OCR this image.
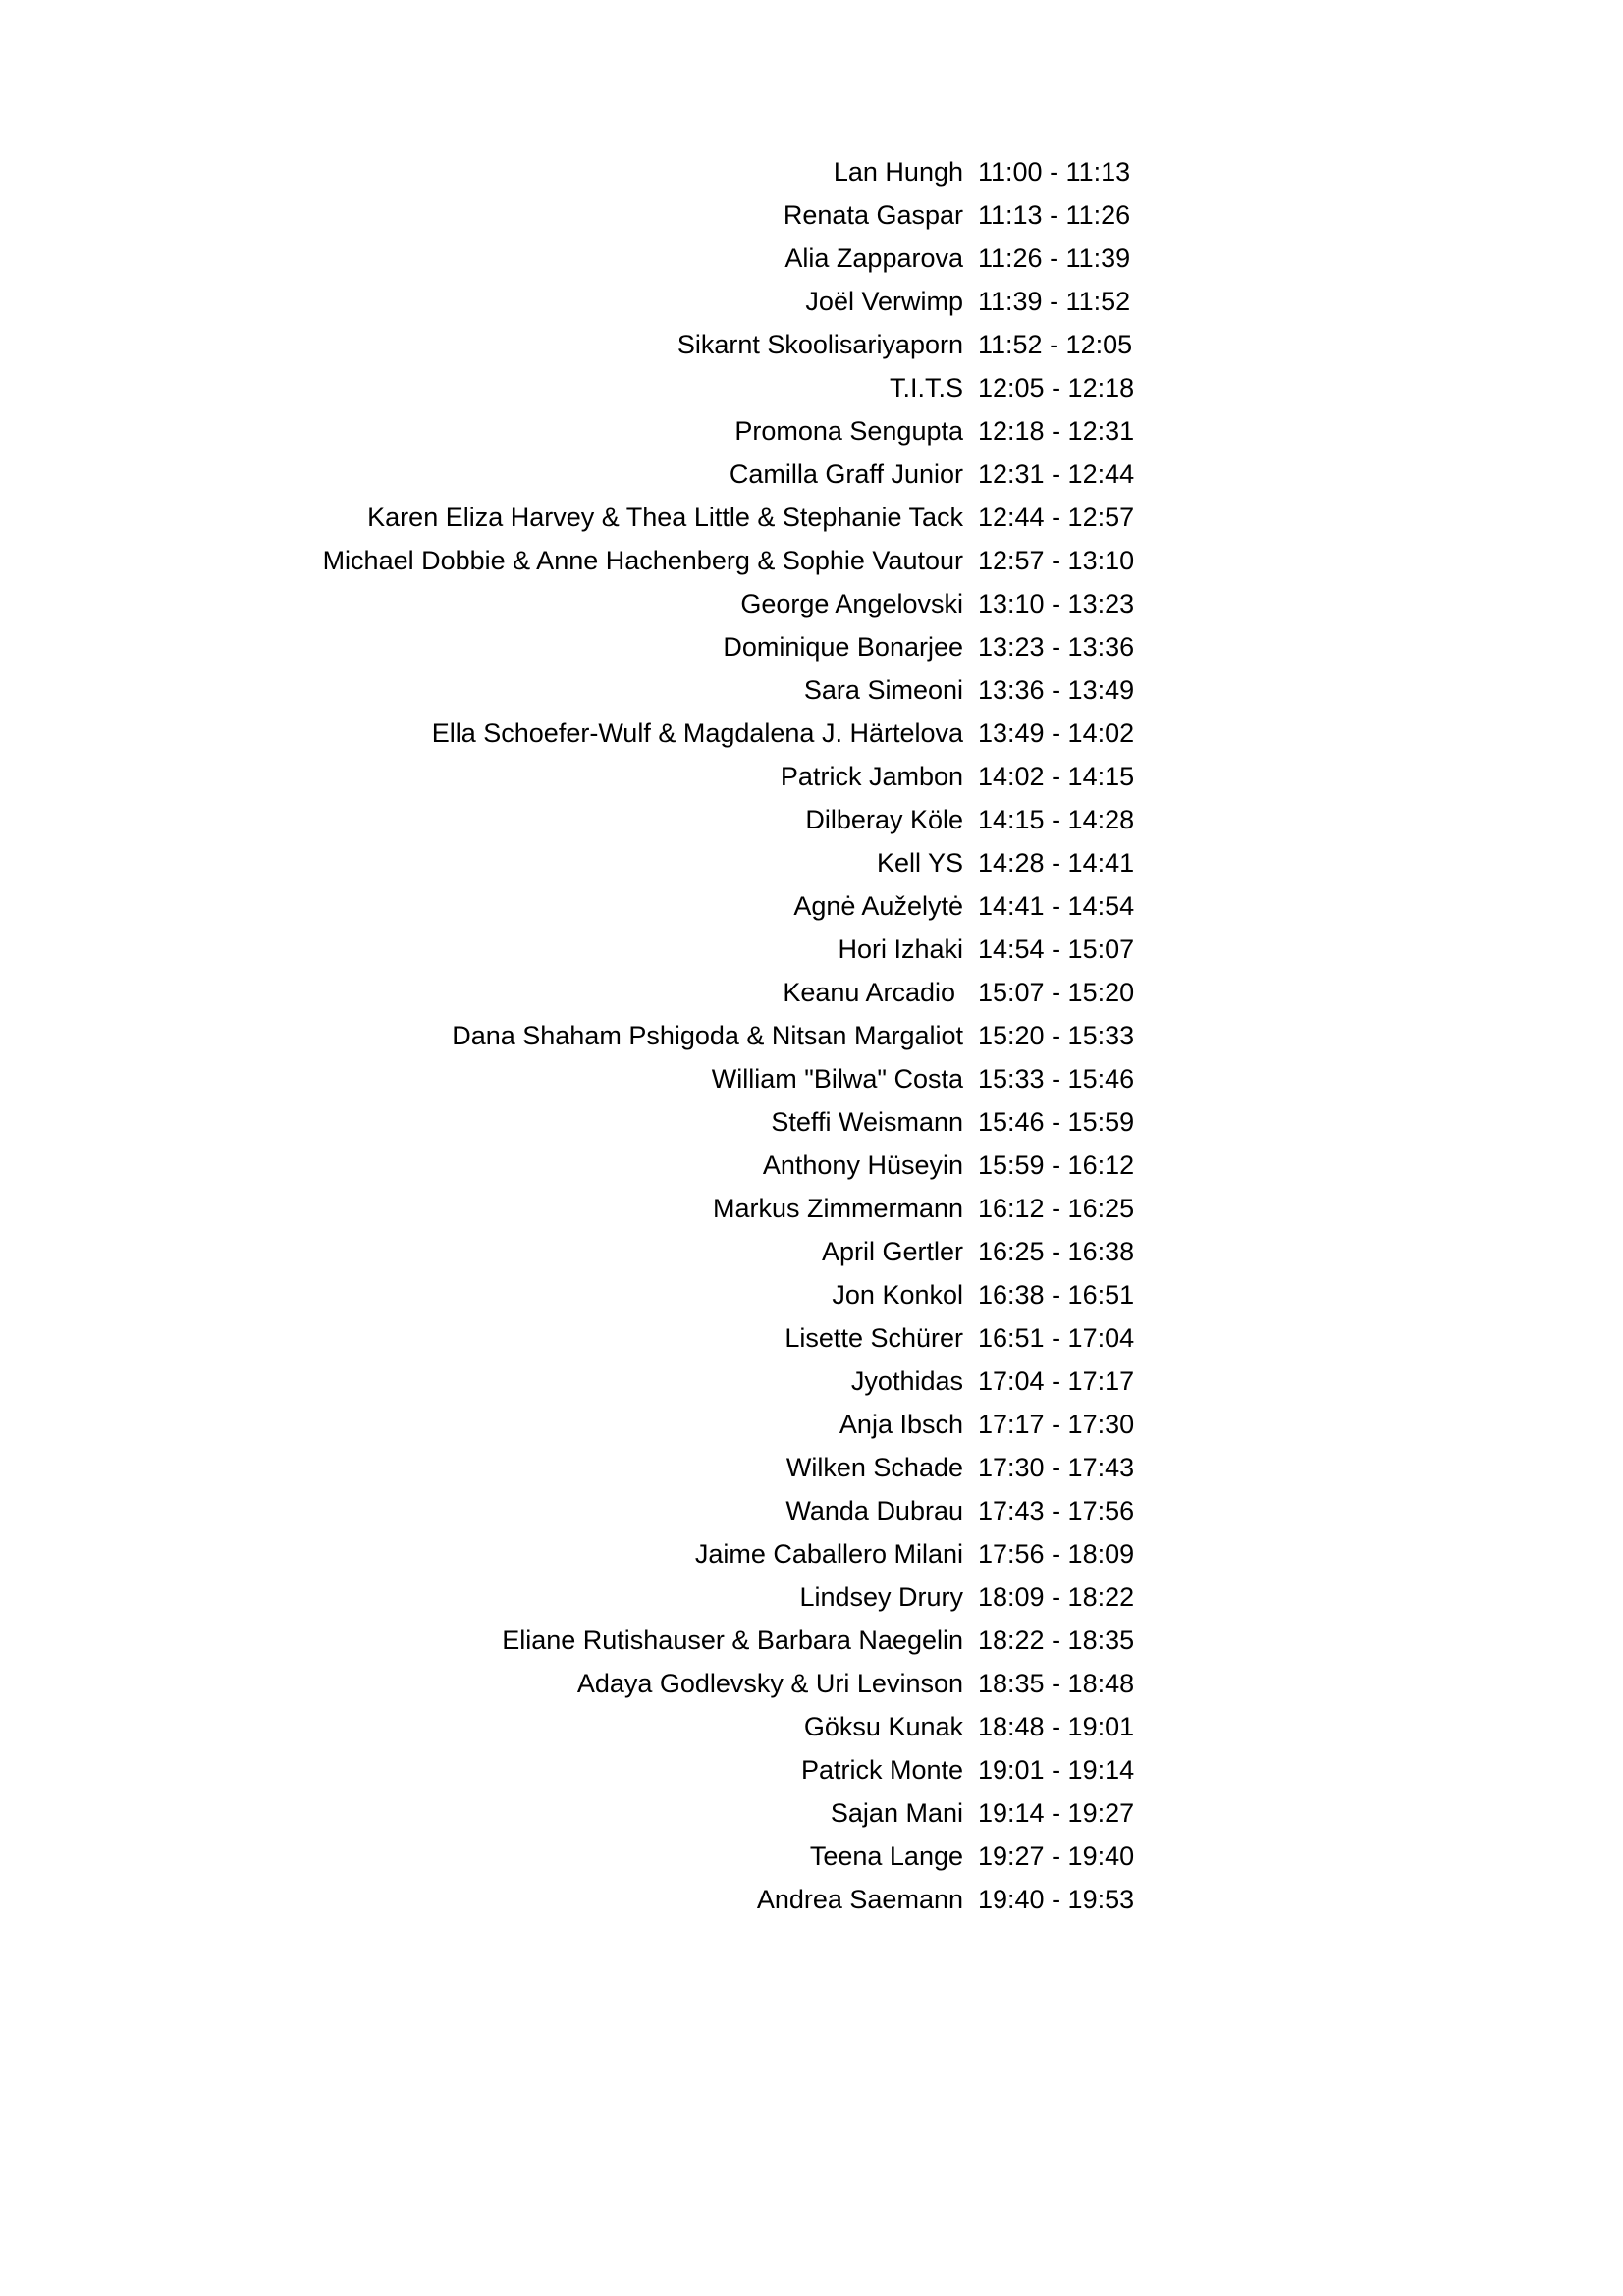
Lan Hungh 11:00 - 11:13
Renata Gaspar 11:13 - 11:26
Alia Zapparova 11:26 - 11:39
Joël Verwimp 11:39 - 11:52
Sikarnt Skoolisariyaporn 11:52 - 12:05
T.I.T.S 12:05 - 12:18
Promona Sengupta 12:18 - 12:31
Camilla Graff Junior 12:31 - 12:44
Karen Eliza Harvey & Thea Little & Stephanie Tack 12:44 - 12:57
Michael Dobbie & Anne Hachenberg & Sophie Vautour 12:57 - 13:10
George Angelovski 13:10 - 13:23
Dominique Bonarjee 13:23 - 13:36
Sara Simeoni 13:36 - 13:49
Ella Schoefer-Wulf & Magdalena J. Härtelova 13:49 - 14:02
Patrick Jambon 14:02 - 14:15
Dilberay Köle 14:15 - 14:28
Kell YS 14:28 - 14:41
Agnė Auželytė 14:41 - 14:54
Hori Izhaki 14:54 - 15:07
Keanu Arcadio 15:07 - 15:20
Dana Shaham Pshigoda & Nitsan Margaliot 15:20 - 15:33
William "Bilwa" Costa 15:33 - 15:46
Steffi Weismann 15:46 - 15:59
Anthony Hüseyin 15:59 - 16:12
Markus Zimmermann 16:12 - 16:25
April Gertler 16:25 - 16:38
Jon Konkol 16:38 - 16:51
Lisette Schürer 16:51 - 17:04
Jyothidas 17:04 - 17:17
Anja Ibsch 17:17 - 17:30
Wilken Schade 17:30 - 17:43
Wanda Dubrau 17:43 - 17:56
Jaime Caballero Milani 17:56 - 18:09
Lindsey Drury 18:09 - 18:22
Eliane Rutishauser & Barbara Naegelin 18:22 - 18:35
Adaya Godlevsky & Uri Levinson 18:35 - 18:48
Göksu Kunak 18:48 - 19:01
Patrick Monte 19:01 - 19:14
Sajan Mani 19:14 - 19:27
Teena Lange 19:27 - 19:40
Andrea Saemann 19:40 - 19:53
